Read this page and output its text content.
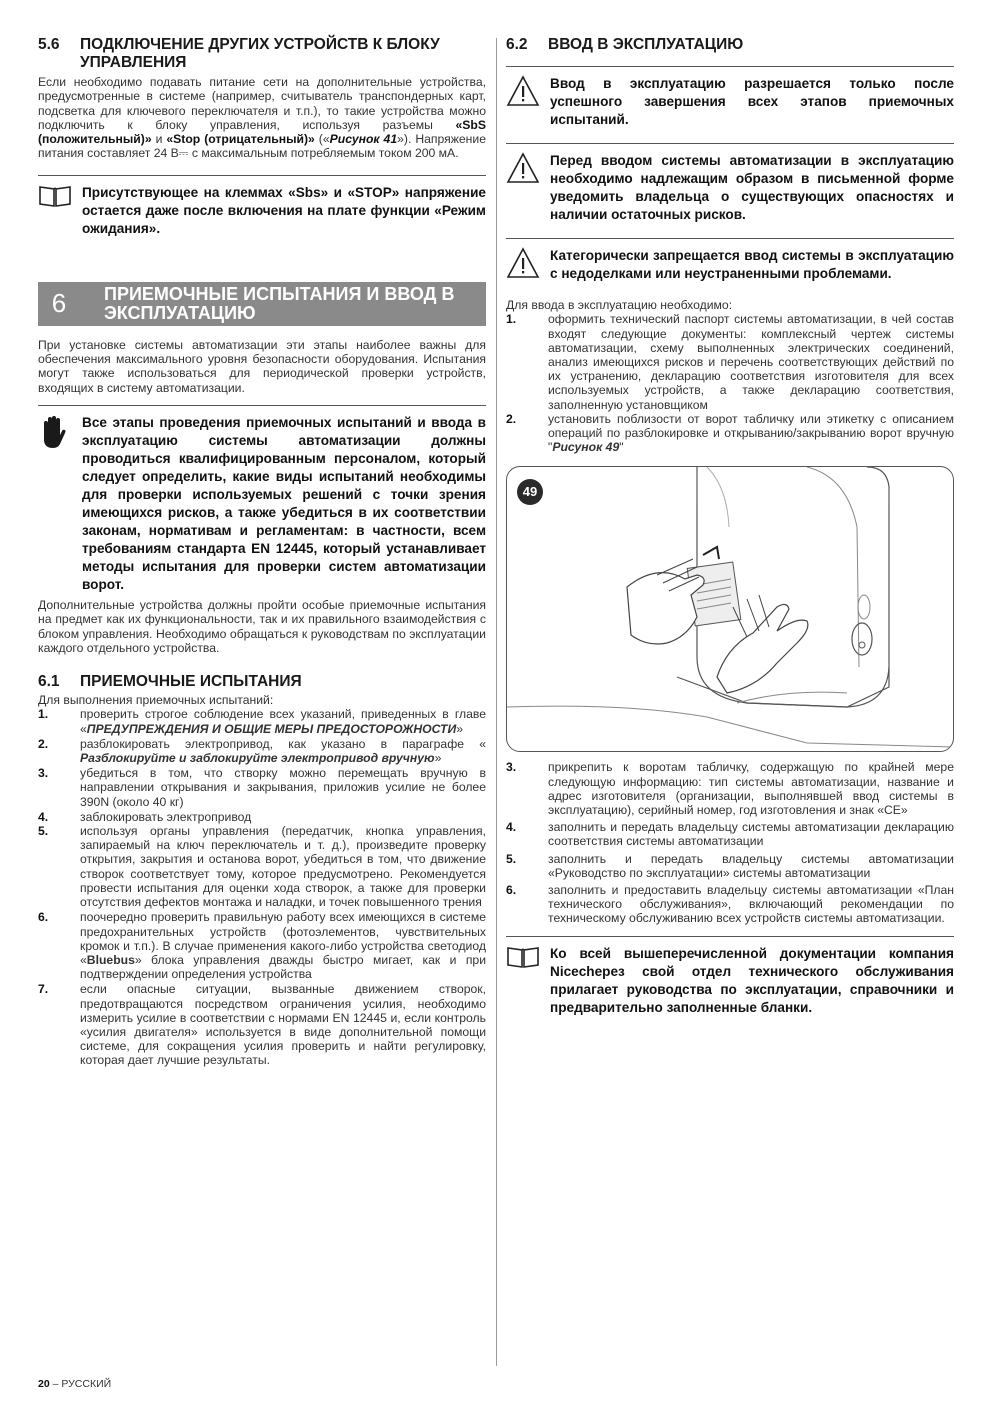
5.6	ПОДКЛЮЧЕНИЕ ДРУГИХ УСТРОЙСТВ К БЛОКУ УПРАВЛЕНИЯ

Если необходимо подавать питание сети на дополнительные устройства, предусмотренные в системе (например, считыватель транспондерных карт, подсветка для ключевого переключателя и т.п.), то такие устройства можно подключить к блоку управления, используя разъемы «SbS (положительный)» и «Stop (отрицательный)» («Рисунок 41»). Напряжение питания составляет 24 В⎓ с максимальным потребляемым током 200 мА.

Присутствующее на клеммах «Sbs» и «STOP» напряжение остается даже после включения на плате функции «Режим ожидания».
6	ПРИЕМОЧНЫЕ ИСПЫТАНИЯ И ВВОД В ЭКСПЛУАТАЦИЮ

При установке системы автоматизации эти этапы наиболее важны для обеспечения максимального уровня безопасности оборудования. Испытания могут также использоваться для периодической проверки устройств, входящих в систему автоматизации.

Все этапы проведения приемочных испытаний и ввода в эксплуатацию системы автоматизации должны проводиться квалифицированным персоналом, который следует определить, какие виды испытаний необходимы для проверки используемых решений с точки зрения имеющихся рисков, а также убедиться в их соответствии законам, нормативам и регламентам: в частности, всем требованиям стандарта EN 12445, который устанавливает методы испытания для проверки систем автоматизации ворот.

Дополнительные устройства должны пройти особые приемочные испытания на предмет как их функциональности, так и их правильного взаимодействия с блоком управления. Необходимо обращаться к руководствам по эксплуатации каждого отдельного устройства.

6.1	ПРИЕМОЧНЫЕ ИСПЫТАНИЯ

Для выполнения приемочных испытаний:

1.	проверить строгое соблюдение всех указаний, приведенных в главе «ПРЕДУПРЕЖДЕНИЯ И ОБЩИЕ МЕРЫ ПРЕДОСТОРОЖНОСТИ»
2.	разблокировать электропривод, как указано в параграфе « Разблокируйте и заблокируйте электропривод вручную»
3.	убедиться в том, что створку можно перемещать вручную в направлении открывания и закрывания, приложив усилие не более 390N (около 40 кг)
4.	заблокировать электропривод
5.	используя органы управления (передатчик, кнопка управления, запираемый на ключ переключатель и т. д.), произведите проверку открытия, закрытия и останова ворот, убедиться в том, что движение створок соответствует тому, которое предусмотрено. Рекомендуется провести испытания для оценки хода створок, а также для проверки отсутствия дефектов монтажа и наладки, и точек повышенного трения
6.	поочередно проверить правильную работу всех имеющихся в системе предохранительных устройств (фотоэлементов, чувствительных кромок и т.п.). В случае применения какого-либо устройства светодиод «Bluebus» блока управления дважды быстро мигает, как и при подтверждении определения устройства
7.	если опасные ситуации, вызванные движением створок, предотвращаются посредством ограничения усилия, необходимо измерить усилие в соответствии с нормами EN 12445 и, если контроль «усилия двигателя» используется в виде дополнительной помощи системе, для сокращения усилия проверить и найти регулировку, которая дает лучшие результаты.
6.2	ВВОД В ЭКСПЛУАТАЦИЮ
Ввод в эксплуатацию разрешается только после успешного завершения всех этапов приемочных испытаний.
Перед вводом системы автоматизации в эксплуатацию необходимо надлежащим образом в письменной форме уведомить владельца о существующих опасностях и наличии остаточных рисков.
Категорически запрещается ввод системы в эксплуатацию с недоделками или неустраненными проблемами.

Для ввода в эксплуатацию необходимо:

1.	оформить технический паспорт системы автоматизации, в чей состав входят следующие документы: комплексный чертеж системы автоматизации, схему выполненных электрических соединений, анализ имеющихся рисков и перечень соответствующих действий по их устранению, декларацию соответствия изготовителя для всех используемых устройств, а также декларацию соответствия, заполненную установщиком
2.	установить поблизости от ворот табличку или этикетку с описанием операций по разблокировке и открыванию/закрыванию ворот вручную "Рисунок 49"
49
3.	прикрепить к воротам табличку, содержащую по крайней мере следующую информацию: тип системы автоматизации, название и адрес изготовителя (организации, выполнявшей ввод системы в эксплуатацию), серийный номер, год изготовления и знак «CE»
4.	заполнить и передать владельцу системы автоматизации декларацию соответствия системы автоматизации
5.	заполнить и передать владельцу системы автоматизации «Руководство по эксплуатации» системы автоматизации
6.	заполнить и предоставить владельцу системы автоматизации «План технического обслуживания», включающий рекомендации по техническому обслуживанию всех устройств системы автоматизации.
Ко всей вышеперечисленной документации компания Nicеchерез свой отдел технического обслуживания прилагает руководства по эксплуатации, справочники и предварительно заполненные бланки.
20 – РУССКИЙ
